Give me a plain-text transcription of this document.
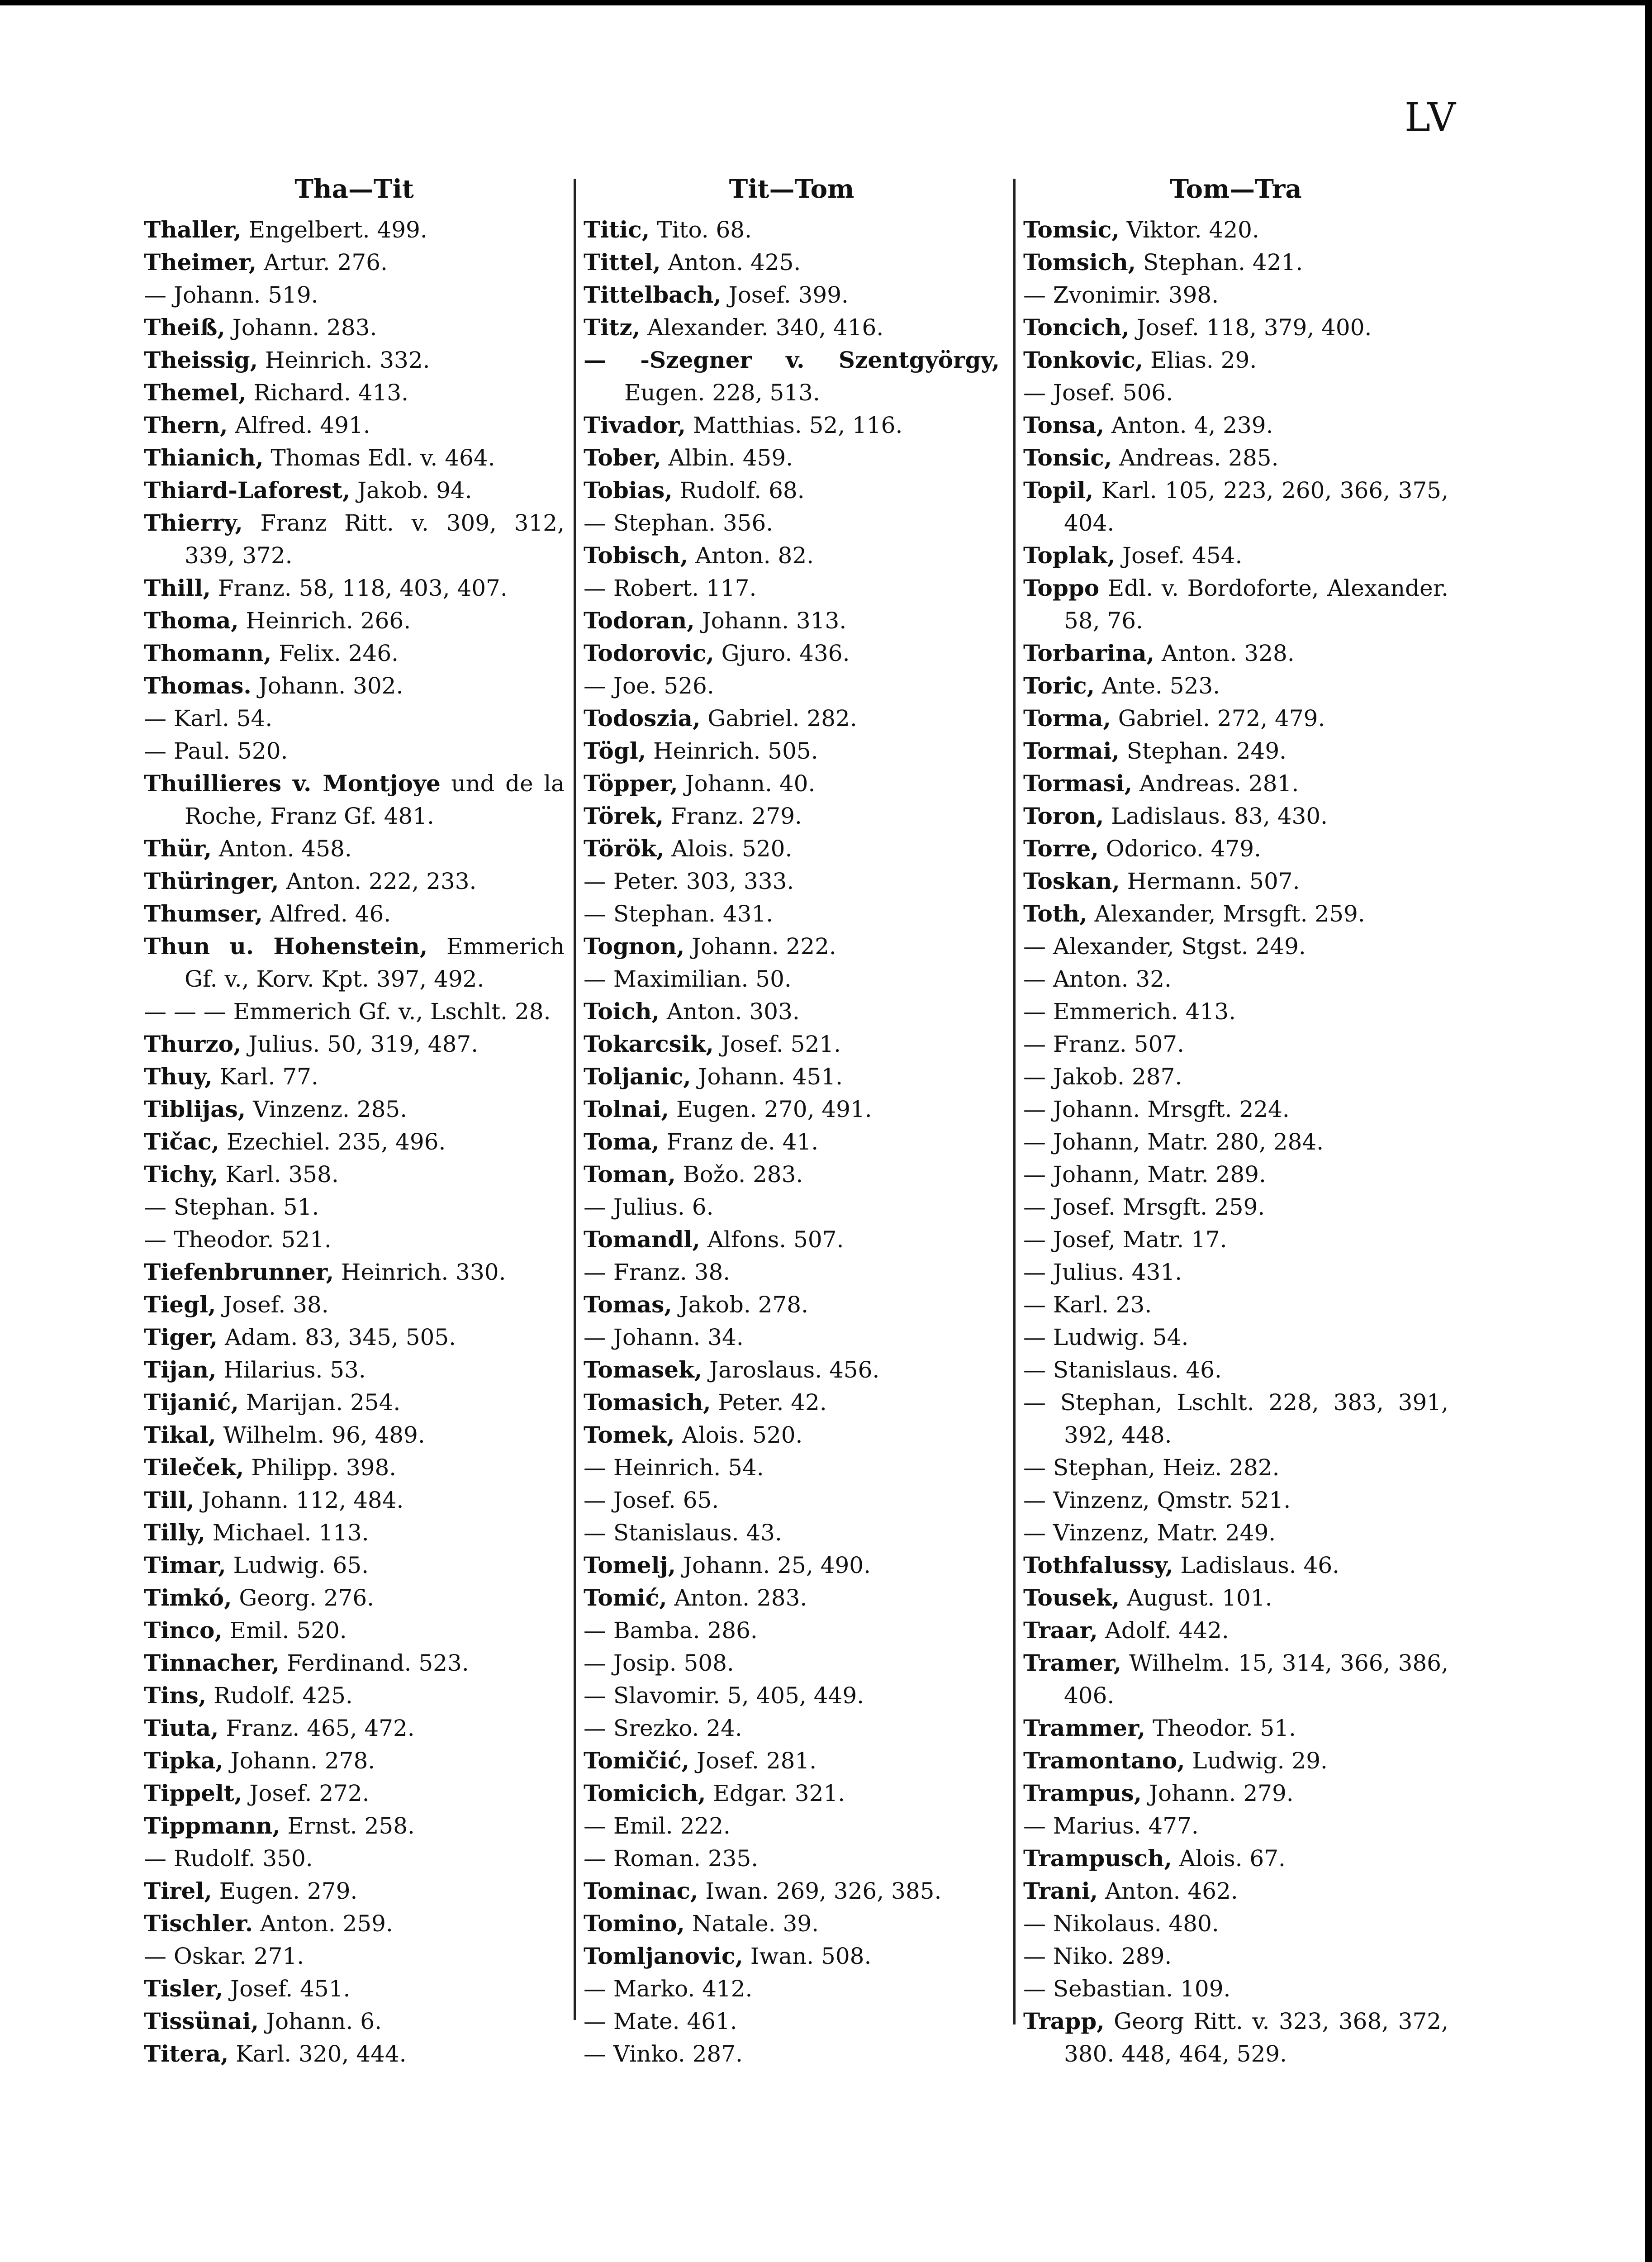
LV
Tha—Tit
Thaller, Engelbert. 499.
Theimer, Artur. 276.
— Johann. 519.
Theiß, Johann. 283.
Theissig, Heinrich. 332.
Themel, Richard. 413.
Thern, Alfred. 491.
Thianich, Thomas Edl. v. 464.
Thiard-Laforest, Jakob. 94.
Thierry, Franz Ritt. v. 309, 312, 339, 372.
Thill, Franz. 58, 118, 403, 407.
Thoma, Heinrich. 266.
Thomann, Felix. 246.
Thomas. Johann. 302.
— Karl. 54.
— Paul. 520.
Thuillieres v. Montjoye und de la Roche, Franz Gf. 481.
Thür, Anton. 458.
Thüringer, Anton. 222, 233.
Thumser, Alfred. 46.
Thun u. Hohenstein, Emmerich Gf. v., Korv. Kpt. 397, 492.
— — — Emmerich Gf. v., Lschlt. 28.
Thurzo, Julius. 50, 319, 487.
Thuy, Karl. 77.
Tiblijas, Vinzenz. 285.
Tičac, Ezechiel. 235, 496.
Tichy, Karl. 358.
— Stephan. 51.
— Theodor. 521.
Tiefenbrunner, Heinrich. 330.
Tiegl, Josef. 38.
Tiger, Adam. 83, 345, 505.
Tijan, Hilarius. 53.
Tijanić, Marijan. 254.
Tikal, Wilhelm. 96, 489.
Tileček, Philipp. 398.
Till, Johann. 112, 484.
Tilly, Michael. 113.
Timar, Ludwig. 65.
Timkó, Georg. 276.
Tinco, Emil. 520.
Tinnacher, Ferdinand. 523.
Tins, Rudolf. 425.
Tiuta, Franz. 465, 472.
Tipka, Johann. 278.
Tippelt, Josef. 272.
Tippmann, Ernst. 258.
— Rudolf. 350.
Tirel, Eugen. 279.
Tischler. Anton. 259.
— Oskar. 271.
Tisler, Josef. 451.
Tissünai, Johann. 6.
Titera, Karl. 320, 444.
Tit—Tom
Titic, Tito. 68.
Tittel, Anton. 425.
Tittelbach, Josef. 399.
Titz, Alexander. 340, 416.
— -Szegner v. Szentgyörgy, Eugen. 228, 513.
Tivador, Matthias. 52, 116.
Tober, Albin. 459.
Tobias, Rudolf. 68.
— Stephan. 356.
Tobisch, Anton. 82.
— Robert. 117.
Todoran, Johann. 313.
Todorovic, Gjuro. 436.
— Joe. 526.
Todoszia, Gabriel. 282.
Tögl, Heinrich. 505.
Töpper, Johann. 40.
Törek, Franz. 279.
Török, Alois. 520.
— Peter. 303, 333.
— Stephan. 431.
Tognon, Johann. 222.
— Maximilian. 50.
Toich, Anton. 303.
Tokarcsik, Josef. 521.
Toljanic, Johann. 451.
Tolnai, Eugen. 270, 491.
Toma, Franz de. 41.
Toman, Božo. 283.
— Julius. 6.
Tomandl, Alfons. 507.
— Franz. 38.
Tomas, Jakob. 278.
— Johann. 34.
Tomasek, Jaroslaus. 456.
Tomasich, Peter. 42.
Tomek, Alois. 520.
— Heinrich. 54.
— Josef. 65.
— Stanislaus. 43.
Tomelj, Johann. 25, 490.
Tomić, Anton. 283.
— Bamba. 286.
— Josip. 508.
— Slavomir. 5, 405, 449.
— Srezko. 24.
Tomičić, Josef. 281.
Tomicich, Edgar. 321.
— Emil. 222.
— Roman. 235.
Tominac, Iwan. 269, 326, 385.
Tomino, Natale. 39.
Tomljanovic, Iwan. 508.
— Marko. 412.
— Mate. 461.
— Vinko. 287.
Tom—Tra
Tomsic, Viktor. 420.
Tomsich, Stephan. 421.
— Zvonimir. 398.
Toncich, Josef. 118, 379, 400.
Tonkovic, Elias. 29.
— Josef. 506.
Tonsa, Anton. 4, 239.
Tonsic, Andreas. 285.
Topil, Karl. 105, 223, 260, 366, 375, 404.
Toplak, Josef. 454.
Toppo Edl. v. Bordoforte, Alexander. 58, 76.
Torbarina, Anton. 328.
Toric, Ante. 523.
Torma, Gabriel. 272, 479.
Tormai, Stephan. 249.
Tormasi, Andreas. 281.
Toron, Ladislaus. 83, 430.
Torre, Odorico. 479.
Toskan, Hermann. 507.
Toth, Alexander, Mrsgft. 259.
— Alexander, Stgst. 249.
— Anton. 32.
— Emmerich. 413.
— Franz. 507.
— Jakob. 287.
— Johann. Mrsgft. 224.
— Johann, Matr. 280, 284.
— Johann, Matr. 289.
— Josef. Mrsgft. 259.
— Josef, Matr. 17.
— Julius. 431.
— Karl. 23.
— Ludwig. 54.
— Stanislaus. 46.
— Stephan, Lschlt. 228, 383, 391, 392, 448.
— Stephan, Heiz. 282.
— Vinzenz, Qmstr. 521.
— Vinzenz, Matr. 249.
Tothfalussy, Ladislaus. 46.
Tousek, August. 101.
Traar, Adolf. 442.
Tramer, Wilhelm. 15, 314, 366, 386, 406.
Trammer, Theodor. 51.
Tramontano, Ludwig. 29.
Trampus, Johann. 279.
— Marius. 477.
Trampusch, Alois. 67.
Trani, Anton. 462.
— Nikolaus. 480.
— Niko. 289.
— Sebastian. 109.
Trapp, Georg Ritt. v. 323, 368, 372, 380. 448, 464, 529.
